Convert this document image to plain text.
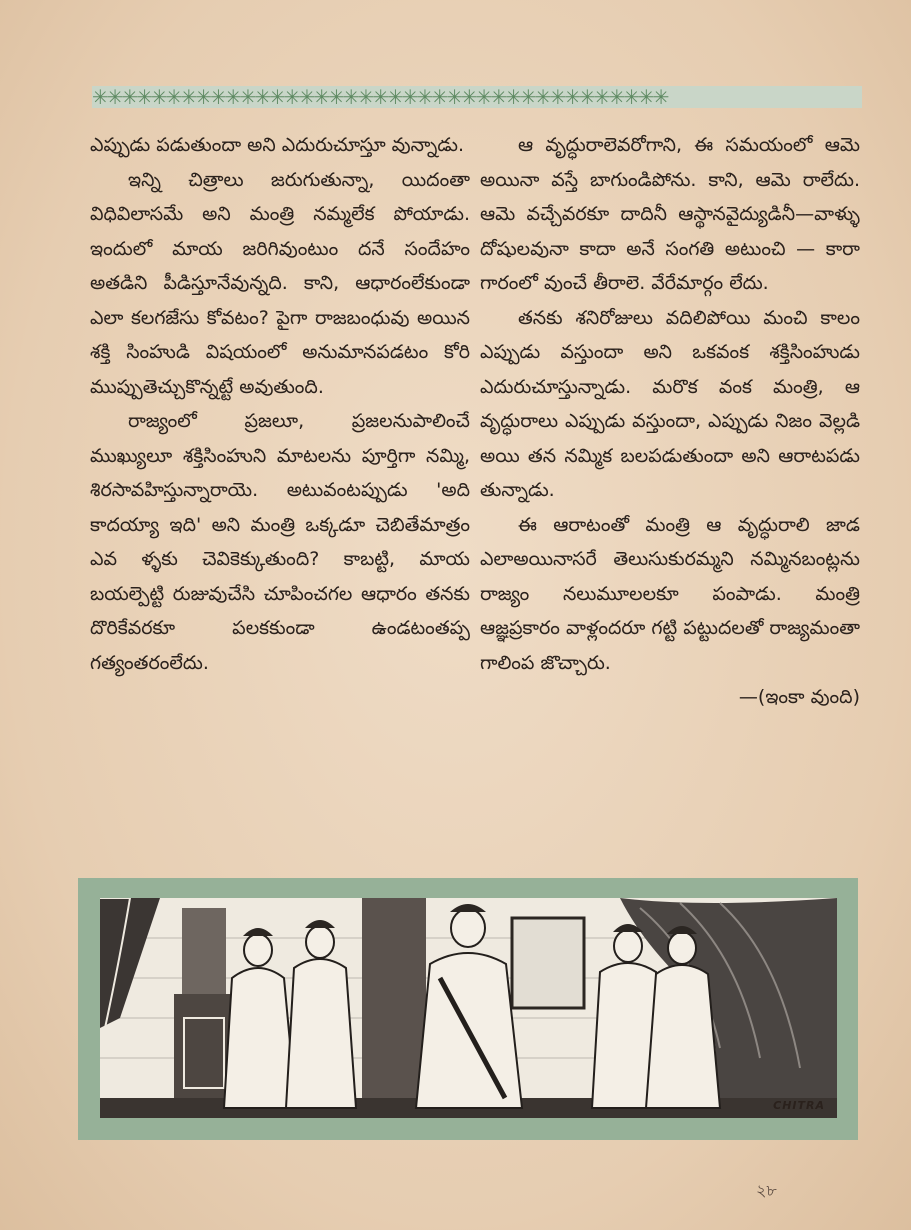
✳✳✳✳✳✳✳✳✳✳✳✳✳✳✳✳✳✳✳✳✳✳✳✳✳✳✳✳✳✳✳✳✳✳✳✳✳✳✳

ఎప్పుడు పడుతుందా అని ఎదురుచూస్తూ వున్నాడు.

ఇన్ని చిత్రాలు జరుగుతున్నా, యిదంతా విధివిలాసమే అని మంత్రి నమ్మలేక పోయాడు. ఇందులో మాయ జరిగివుంటుం దనే సందేహం అతడిని పీడిస్తూనేవున్నది. కాని, ఆధారంలేకుండా ఎలా కలగజేసు కోవటం? పైగా రాజబంధువు అయిన శక్తి సింహుడి విషయంలో అనుమానపడటం కోరి ముప్పుతెచ్చుకొన్నట్టే అవుతుంది.

రాజ్యంలో ప్రజలూ, ప్రజలనుపాలించే ముఖ్యులూ శక్తిసింహుని మాటలను పూర్తిగా నమ్మి, శిరసావహిస్తున్నారాయె. అటువంటప్పుడు 'అది కాదయ్యా ఇది' అని మంత్రి ఒక్కడూ చెబితేమాత్రం ఎవ ళ్ళకు చెవికెక్కుతుంది? కాబట్టి, మాయ బయల్పెట్టి రుజువుచేసి చూపించగల ఆధారం తనకు దొరికేవరకూ పలకకుండా ఉండటంతప్ప గత్యంతరంలేదు.

ఆ వృద్ధురాలెవరోగాని, ఈ సమయంలో ఆమె అయినా వస్తే బాగుండిపోను. కాని, ఆమె రాలేదు. ఆమె వచ్చేవరకూ దాదినీ ఆస్థానవైద్యుడినీ—వాళ్ళు దోషులవునా కాదా అనే సంగతి అటుంచి — కారా గారంలో వుంచే తీరాలె. వేరేమార్గం లేదు.

తనకు శనిరోజులు వదిలిపోయి మంచి కాలం ఎప్పుడు వస్తుందా అని ఒకవంక శక్తిసింహుడు ఎదురుచూస్తున్నాడు. మరొక వంక మంత్రి, ఆ వృద్ధురాలు ఎప్పుడు వస్తుందా, ఎప్పుడు నిజం వెల్లడి అయి తన నమ్మిక బలపడుతుందా అని ఆరాటపడు తున్నాడు.

ఈ ఆరాటంతో మంత్రి ఆ వృద్ధురాలి జాడ ఎలాఅయినాసరే తెలుసుకురమ్మని నమ్మినబంట్లను రాజ్యం నలుమూలలకూ పంపాడు. మంత్రి ఆజ్ఞప్రకారం వాళ్లందరూ గట్టి పట్టుదలతో రాజ్యమంతా గాలింప జొచ్చారు.

—(ఇంకా వుంది)
CHITRA
২৮
